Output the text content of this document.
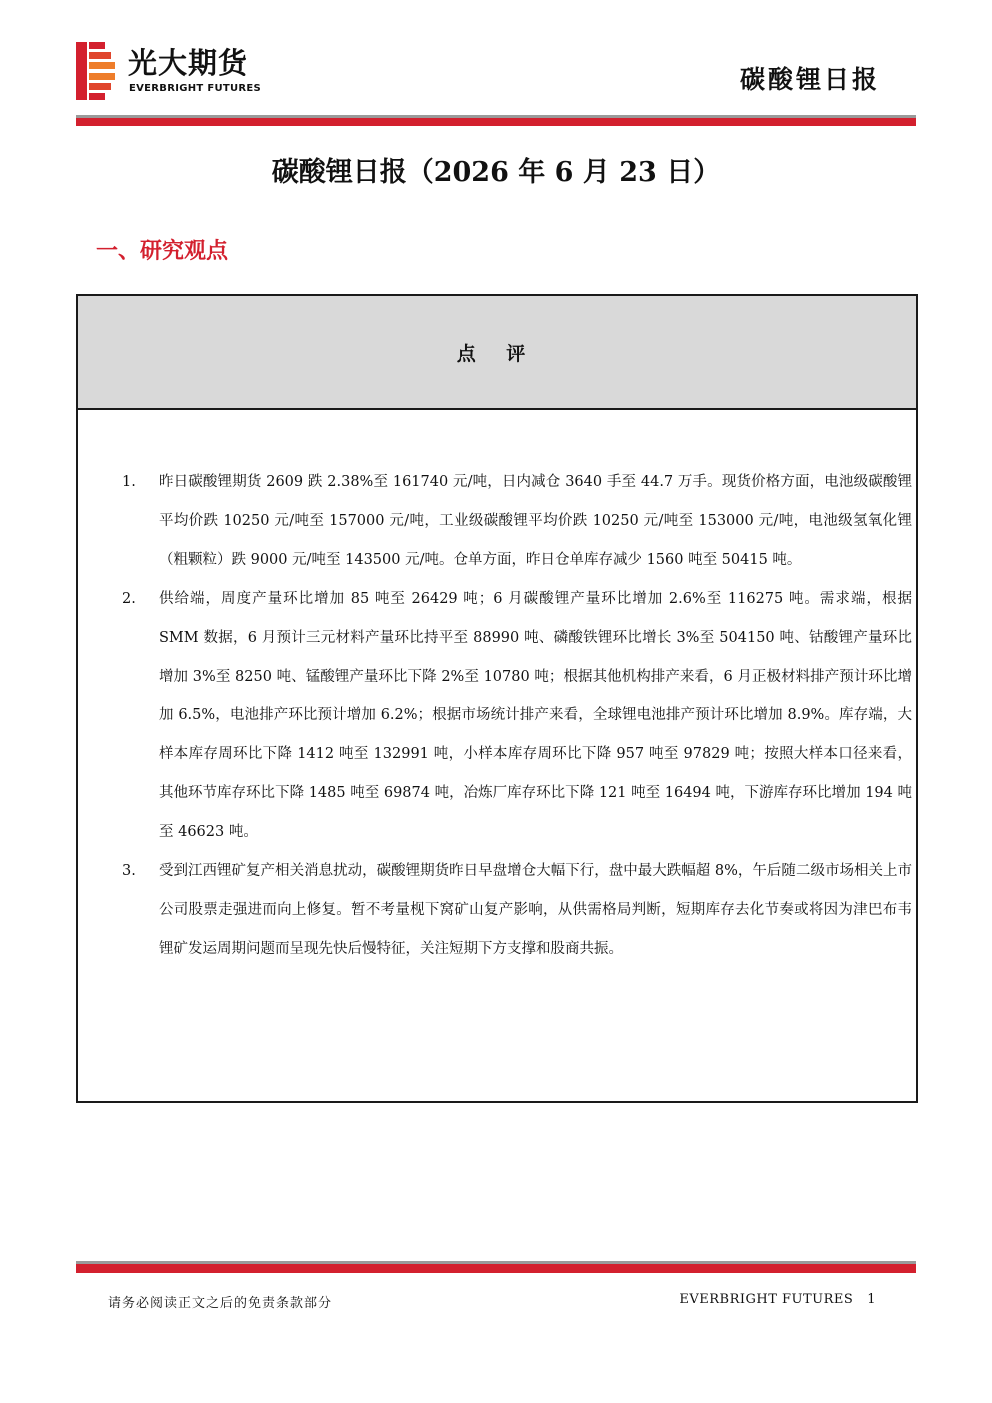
光大期货
EVERBRIGHT FUTURES	碳酸锂日报
碳酸锂日报（2026 年 6 月 23 日）
一、研究观点
点 评
1.	昨日碳酸锂期货 2609 跌 2.38%至 161740 元/吨，日内减仓 3640 手至 44.7 万手。现货价格方面，电池级碳酸锂平均价跌 10250 元/吨至 157000 元/吨，工业级碳酸锂平均价跌 10250 元/吨至 153000 元/吨，电池级氢氧化锂（粗颗粒）跌 9000 元/吨至 143500 元/吨。仓单方面，昨日仓单库存减少 1560 吨至 50415 吨。
2.	供给端，周度产量环比增加 85 吨至 26429 吨；6 月碳酸锂产量环比增加 2.6%至 116275 吨。需求端，根据 SMM 数据，6 月预计三元材料产量环比持平至 88990 吨、磷酸铁锂环比增长 3%至 504150 吨、钴酸锂产量环比增加 3%至 8250 吨、锰酸锂产量环比下降 2%至 10780 吨；根据其他机构排产来看，6 月正极材料排产预计环比增加 6.5%，电池排产环比预计增加 6.2%；根据市场统计排产来看，全球锂电池排产预计环比增加 8.9%。库存端，大样本库存周环比下降 1412 吨至 132991 吨，小样本库存周环比下降 957 吨至 97829 吨；按照大样本口径来看，其他环节库存环比下降 1485 吨至 69874 吨，冶炼厂库存环比下降 121 吨至 16494 吨，下游库存环比增加 194 吨至 46623 吨。
3.	受到江西锂矿复产相关消息扰动，碳酸锂期货昨日早盘增仓大幅下行，盘中最大跌幅超 8%，午后随二级市场相关上市公司股票走强进而向上修复。暂不考量枧下窝矿山复产影响，从供需格局判断，短期库存去化节奏或将因为津巴布韦锂矿发运周期问题而呈现先快后慢特征，关注短期下方支撑和股商共振。
请务必阅读正文之后的免责条款部分	EVERBRIGHT FUTURES 1
